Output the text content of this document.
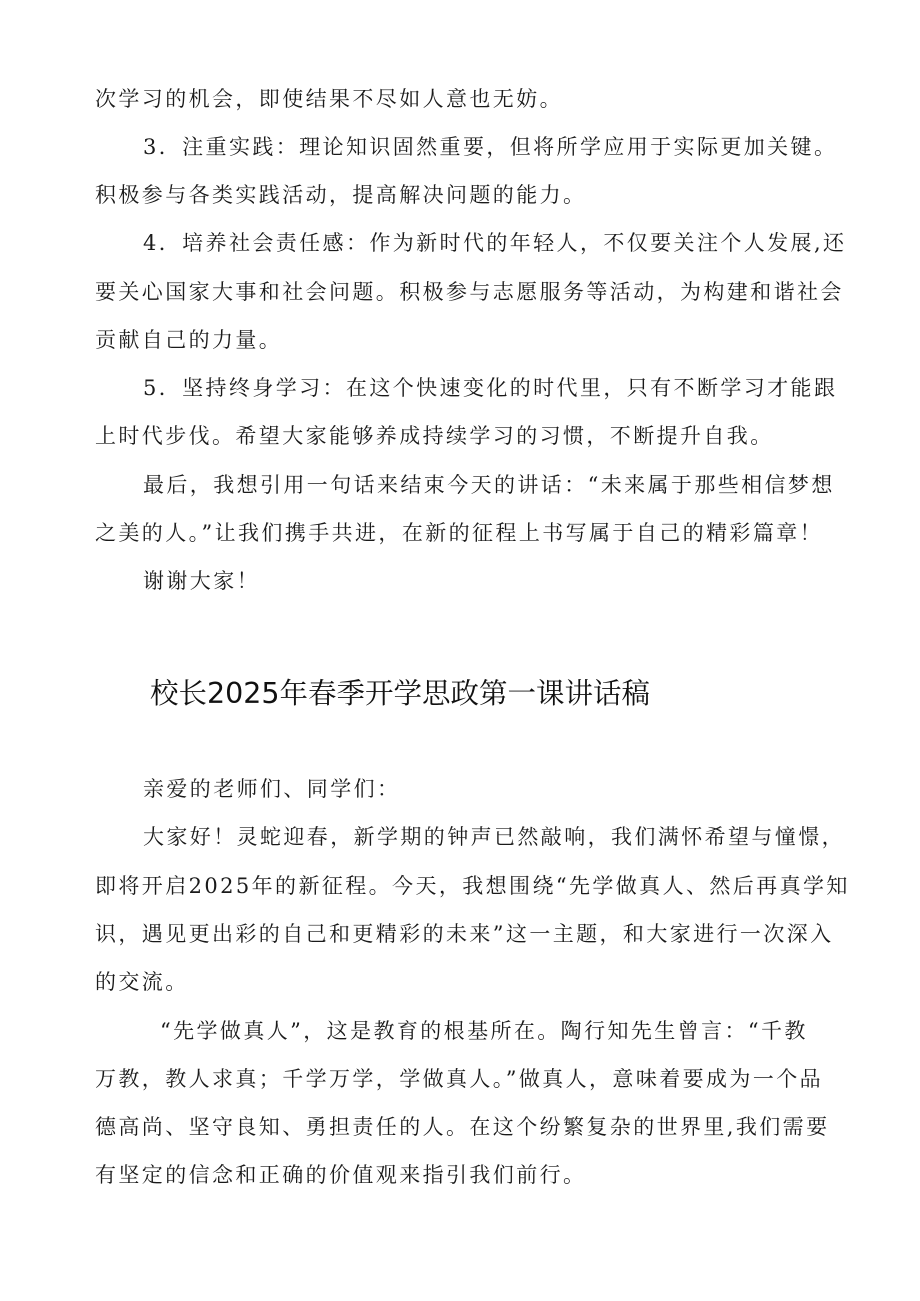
次学习的机会，即使结果不尽如人意也无妨。
3．注重实践：理论知识固然重要，但将所学应用于实际更加关键。
积极参与各类实践活动，提高解决问题的能力。
4．培养社会责任感：作为新时代的年轻人，不仅要关注个人发展,还
要关心国家大事和社会问题。积极参与志愿服务等活动，为构建和谐社会
贡献自己的力量。
5．坚持终身学习：在这个快速变化的时代里，只有不断学习才能跟
上时代步伐。希望大家能够养成持续学习的习惯，不断提升自我。
最后，我想引用一句话来结束今天的讲话：“未来属于那些相信梦想
之美的人。”让我们携手共进，在新的征程上书写属于自己的精彩篇章！
谢谢大家！
校长2025年春季开学思政第一课讲话稿
亲爱的老师们、同学们：
大家好！灵蛇迎春，新学期的钟声已然敲响，我们满怀希望与憧憬，
即将开启2025年的新征程。今天，我想围绕“先学做真人、然后再真学知
识，遇见更出彩的自己和更精彩的未来”这一主题，和大家进行一次深入
的交流。
“先学做真人”，这是教育的根基所在。陶行知先生曾言：“千教
万教，教人求真；千学万学，学做真人。”做真人，意味着要成为一个品
德高尚、坚守良知、勇担责任的人。在这个纷繁复杂的世界里,我们需要
有坚定的信念和正确的价值观来指引我们前行。
